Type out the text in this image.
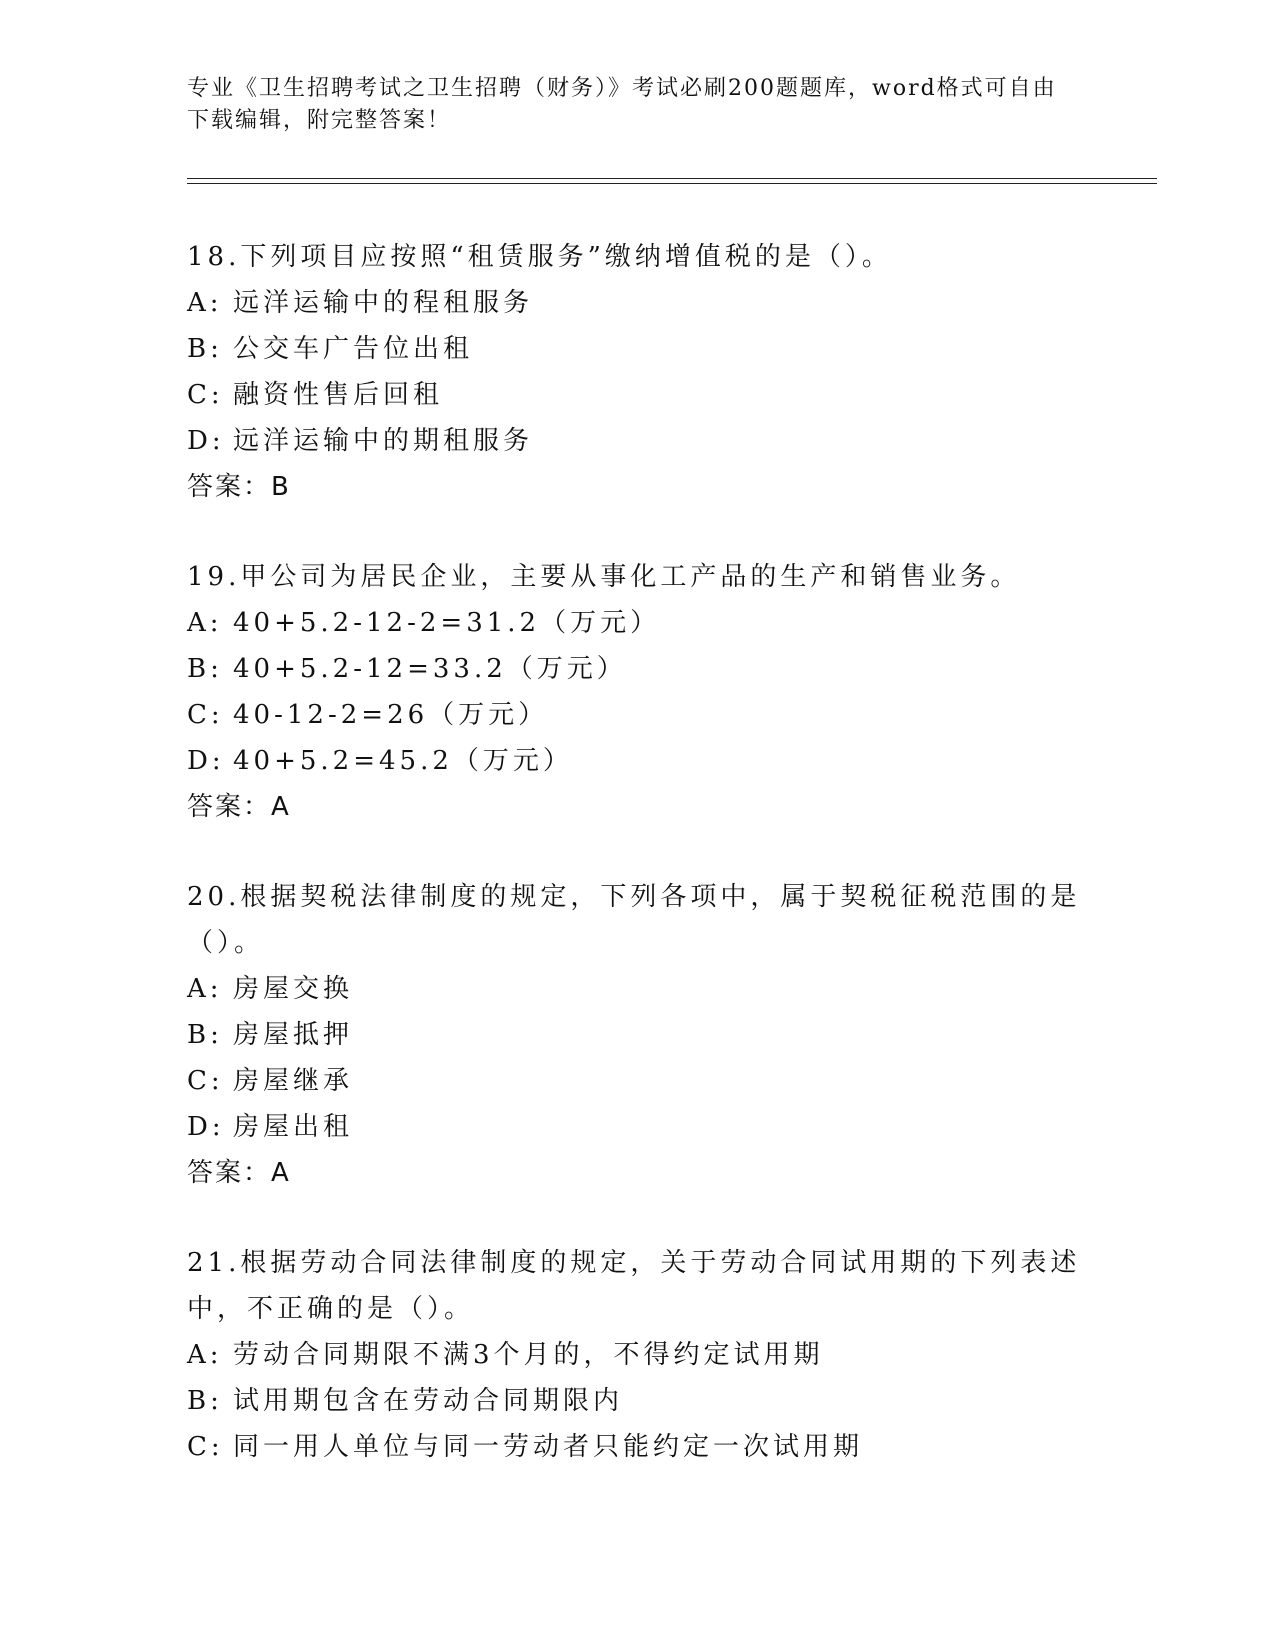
专业《卫生招聘考试之卫生招聘（财务）》考试必刷200题题库，word格式可自由下载编辑，附完整答案！
18.下列项目应按照“租赁服务”缴纳增值税的是（）。
A: 远洋运输中的程租服务
B: 公交车广告位出租
C: 融资性售后回租
D: 远洋运输中的期租服务
答案：B
19.甲公司为居民企业，主要从事化工产品的生产和销售业务。
A: 40+5.2-12-2=31.2（万元）
B: 40+5.2-12=33.2（万元）
C: 40-12-2=26（万元）
D: 40+5.2=45.2（万元）
答案：A
20.根据契税法律制度的规定，下列各项中，属于契税征税范围的是（）。
A: 房屋交换
B: 房屋抵押
C: 房屋继承
D: 房屋出租
答案：A
21.根据劳动合同法律制度的规定，关于劳动合同试用期的下列表述中，不正确的是（）。
A: 劳动合同期限不满3个月的，不得约定试用期
B: 试用期包含在劳动合同期限内
C: 同一用人单位与同一劳动者只能约定一次试用期
